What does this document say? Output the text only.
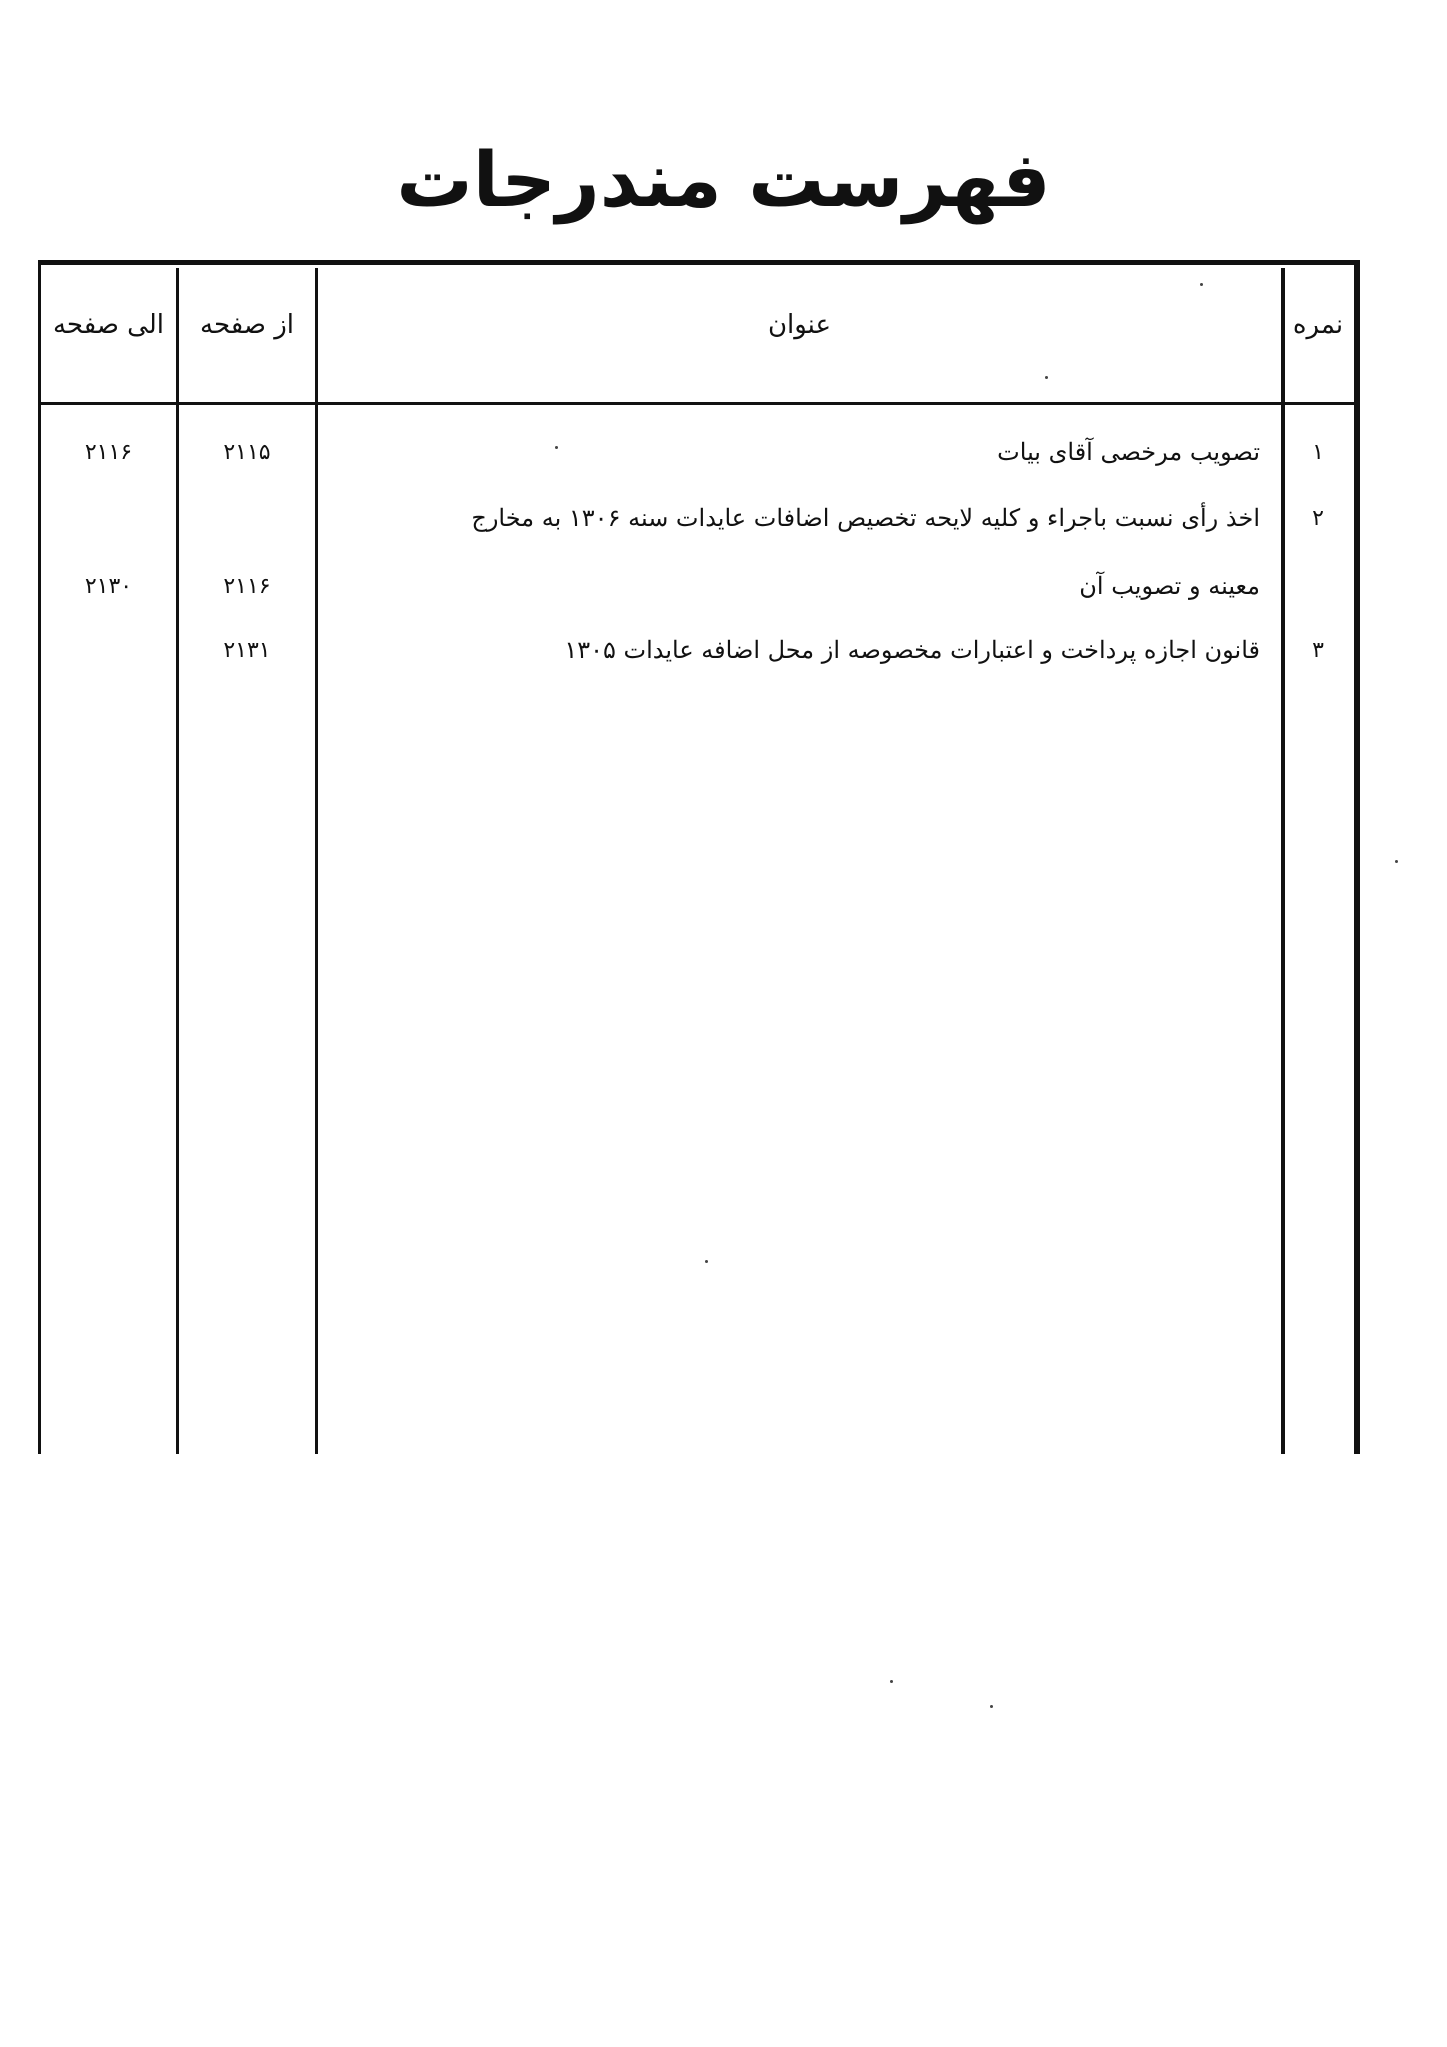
فهرست مندرجات
نمره
عنوان
از صفحه
الی صفحه
۱
تصویب مرخصی آقای بیات
۲۱۱۵
۲۱۱۶
۲
اخذ رأی نسبت باجراء و کلیه لایحه تخصیص اضافات عایدات سنه ۱۳۰۶ به مخارج
معینه و تصویب آن
۲۱۱۶
۲۱۳۰
۳
قانون اجازه پرداخت و اعتبارات مخصوصه از محل اضافه عایدات ۱۳۰۵
۲۱۳۱
